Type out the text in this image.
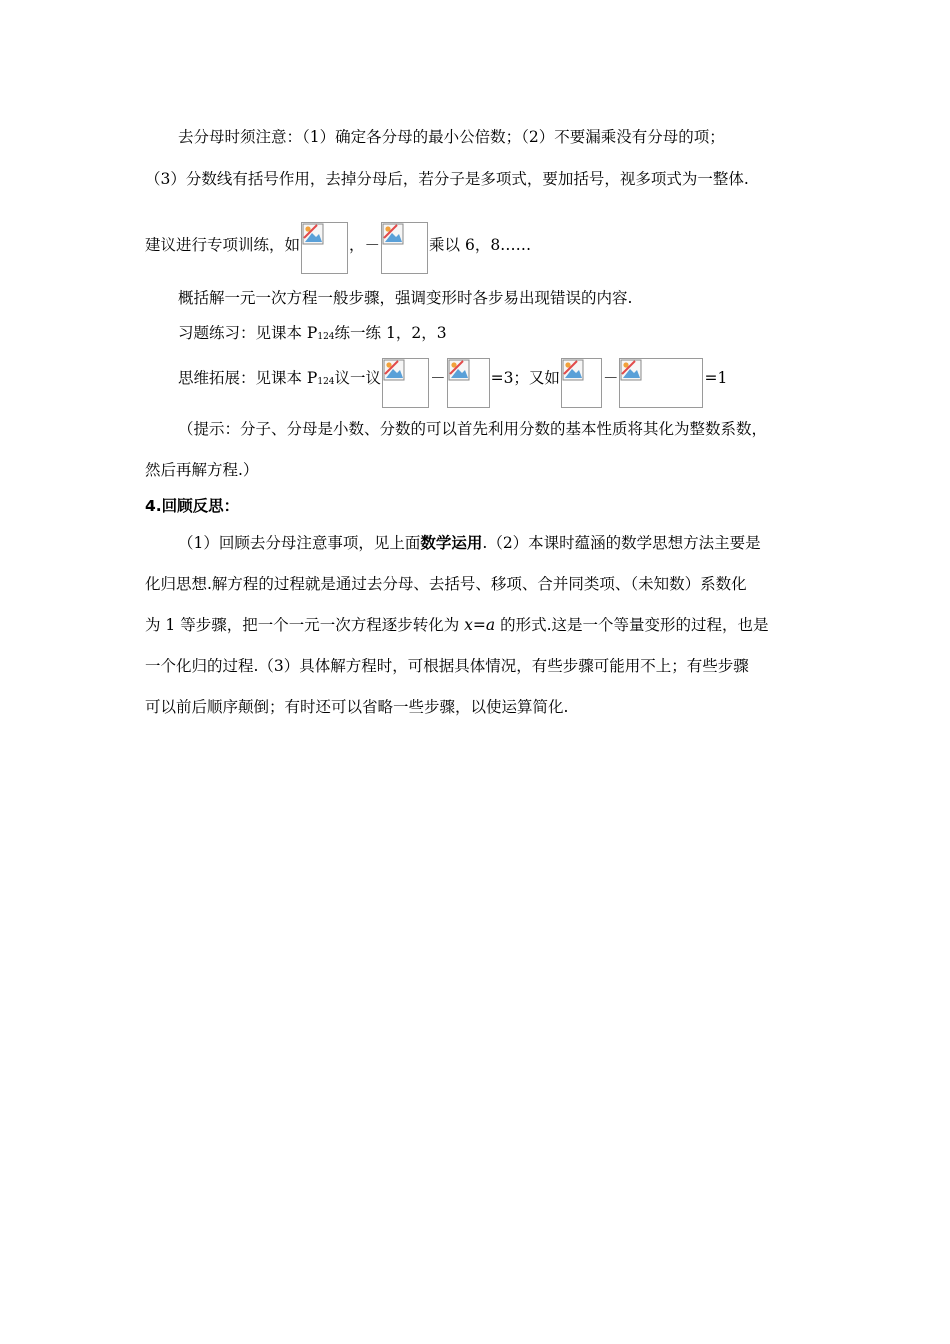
去分母时须注意：（1）确定各分母的最小公倍数；（2）不要漏乘没有分母的项；
（3）分数线有括号作用，去掉分母后，若分子是多项式，要加括号，视多项式为一整体.
建议进行专项训练，如	，－	乘以 6，8……
概括解一元一次方程一般步骤，强调变形时各步易出现错误的内容.
习题练习：见课本 P124练一练 1，2，3
思维拓展：见课本 P124议一议	－	=3；又如	－	=1
（提示：分子、分母是小数、分数的可以首先利用分数的基本性质将其化为整数系数，
然后再解方程.）
4.回顾反思：
（1）回顾去分母注意事项，见上面数学运用.（2）本课时蕴涵的数学思想方法主要是
化归思想.解方程的过程就是通过去分母、去括号、移项、合并同类项、（未知数）系数化
为 1 等步骤，把一个一元一次方程逐步转化为 x=a 的形式.这是一个等量变形的过程，也是
一个化归的过程.（3）具体解方程时，可根据具体情况，有些步骤可能用不上；有些步骤
可以前后顺序颠倒；有时还可以省略一些步骤，以使运算简化.
